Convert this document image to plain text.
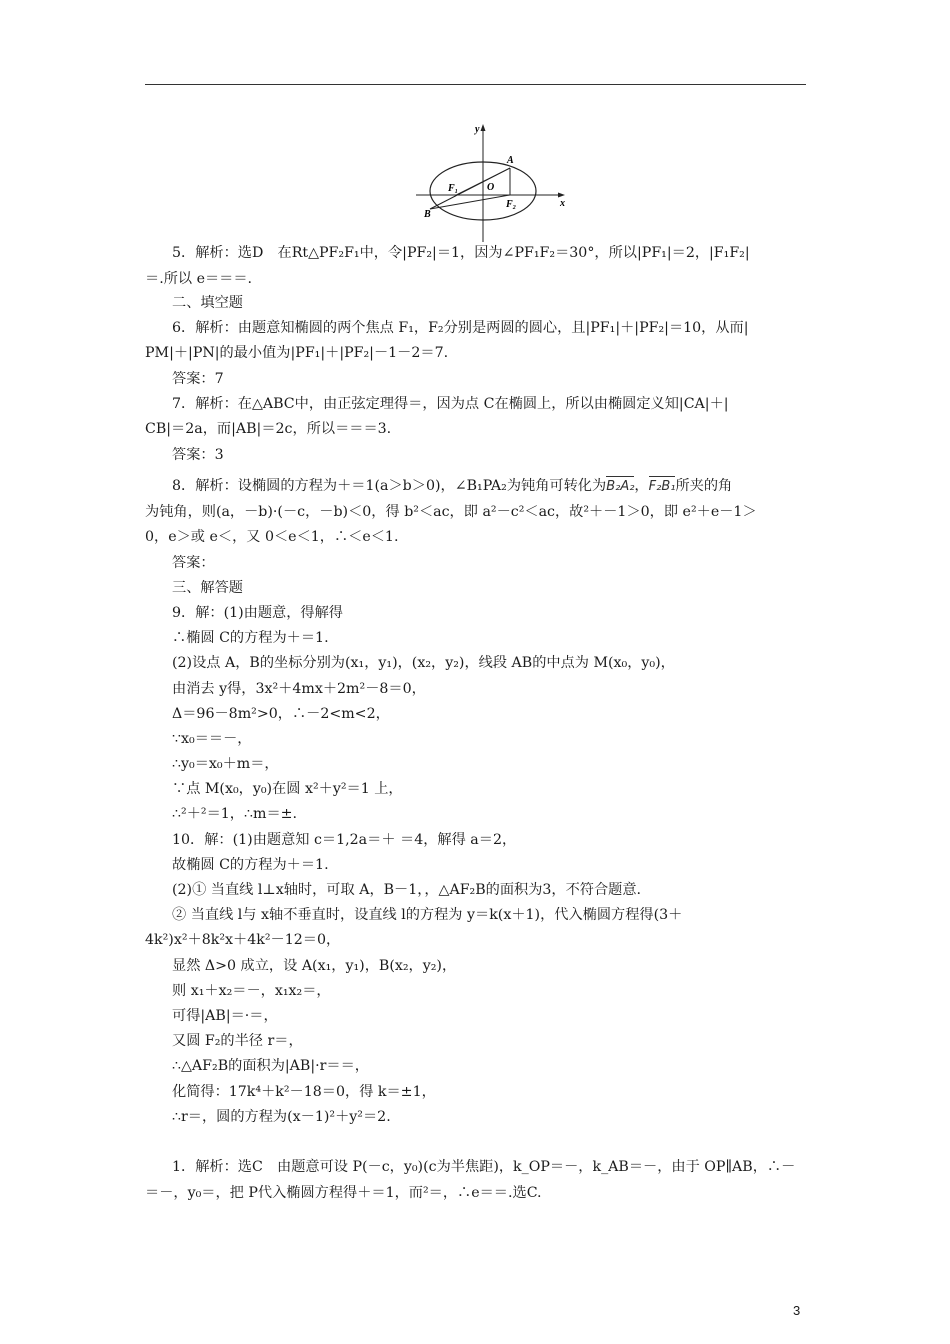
y
x
A
B
O
F₁
F₂
5．解析：选D　在Rt△PF₂F₁中，令|PF₂|＝1，因为∠PF₁F₂＝30°，所以|PF₁|＝2，|F₁F₂|
＝.所以 e＝＝＝.
二、填空题
6．解析：由题意知椭圆的两个焦点 F₁，F₂分别是两圆的圆心，且|PF₁|＋|PF₂|＝10，从而|
PM|＋|PN|的最小值为|PF₁|＋|PF₂|－1－2＝7.
答案：7
7．解析：在△ABC中，由正弦定理得＝，因为点 C在椭圆上，所以由椭圆定义知|CA|＋|
CB|＝2a，而|AB|＝2c，所以＝＝＝3.
答案：3
8．解析：设椭圆的方程为＋＝1(a＞b＞0)，∠B₁PA₂为钝角可转化为B₂A₂，F₂B₁所夹的角
为钝角，则(a，－b)·(－c，－b)＜0，得 b²＜ac，即 a²－c²＜ac，故²＋－1＞0，即 e²＋e－1＞
0，e＞或 e＜，又 0＜e＜1，∴＜e＜1.
答案：
三、解答题
9．解：(1)由题意，得解得
∴椭圆 C的方程为＋＝1.
(2)设点 A，B的坐标分别为(x₁，y₁)，(x₂，y₂)，线段 AB的中点为 M(x₀，y₀)，
由消去 y得，3x²＋4mx＋2m²－8＝0，
Δ＝96－8m²>0，∴－2<m<2，
∵x₀＝＝－，
∴y₀＝x₀＋m＝，
∵点 M(x₀，y₀)在圆 x²＋y²＝1 上，
∴²＋²＝1，∴m＝±.
10．解：(1)由题意知 c＝1,2a＝＋ ＝4，解得 a＝2，
故椭圆 C的方程为＋＝1.
(2)① 当直线 l⊥x轴时，可取 A，B－1，，△AF₂B的面积为3，不符合题意.
② 当直线 l与 x轴不垂直时，设直线 l的方程为 y＝k(x＋1)，代入椭圆方程得(3＋
4k²)x²＋8k²x＋4k²－12＝0，
显然 Δ>0 成立，设 A(x₁，y₁)，B(x₂，y₂)，
则 x₁＋x₂＝－，x₁x₂＝，
可得|AB|＝·＝，
又圆 F₂的半径 r＝，
∴△AF₂B的面积为|AB|·r＝＝，
化简得：17k⁴＋k²－18＝0，得 k＝±1，
∴r＝，圆的方程为(x－1)²＋y²＝2.
1．解析：选C　由题意可设 P(－c，y₀)(c为半焦距)，k_OP＝－，k_AB＝－，由于 OP∥AB，∴－
＝－，y₀＝，把 P代入椭圆方程得＋＝1，而²＝，∴e＝＝.选C.
3
